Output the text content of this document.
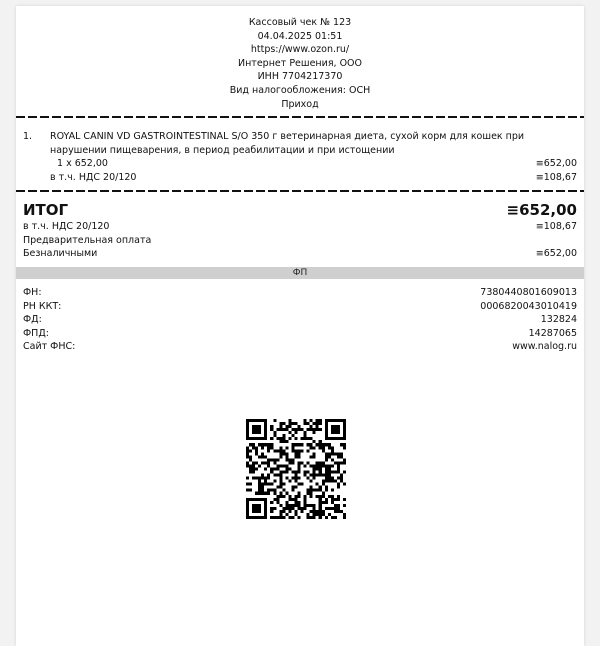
Кассовый чек № 123
04.04.2025 01:51
https://www.ozon.ru/
Интернет Решения, ООО
ИНН 7704217370
Вид налогообложения: ОСН
Приход
1.	ROYAL CANIN VD GASTROINTESTINAL S/O 350 г ветеринарная диета, сухой корм для кошек при нарушении пищеварения, в период реабилитации и при истощении
1 x 652,00	≡652,00
в т.ч. НДС 20/120	≡108,67
ИТОГ	≡652,00
в т.ч. НДС 20/120	≡108,67
Предварительная оплата
Безналичными	≡652,00
ФП
ФН:	7380440801609013
РН ККТ:	0006820043010419
ФД:	132824
ФПД:	14287065
Сайт ФНС:	www.nalog.ru
